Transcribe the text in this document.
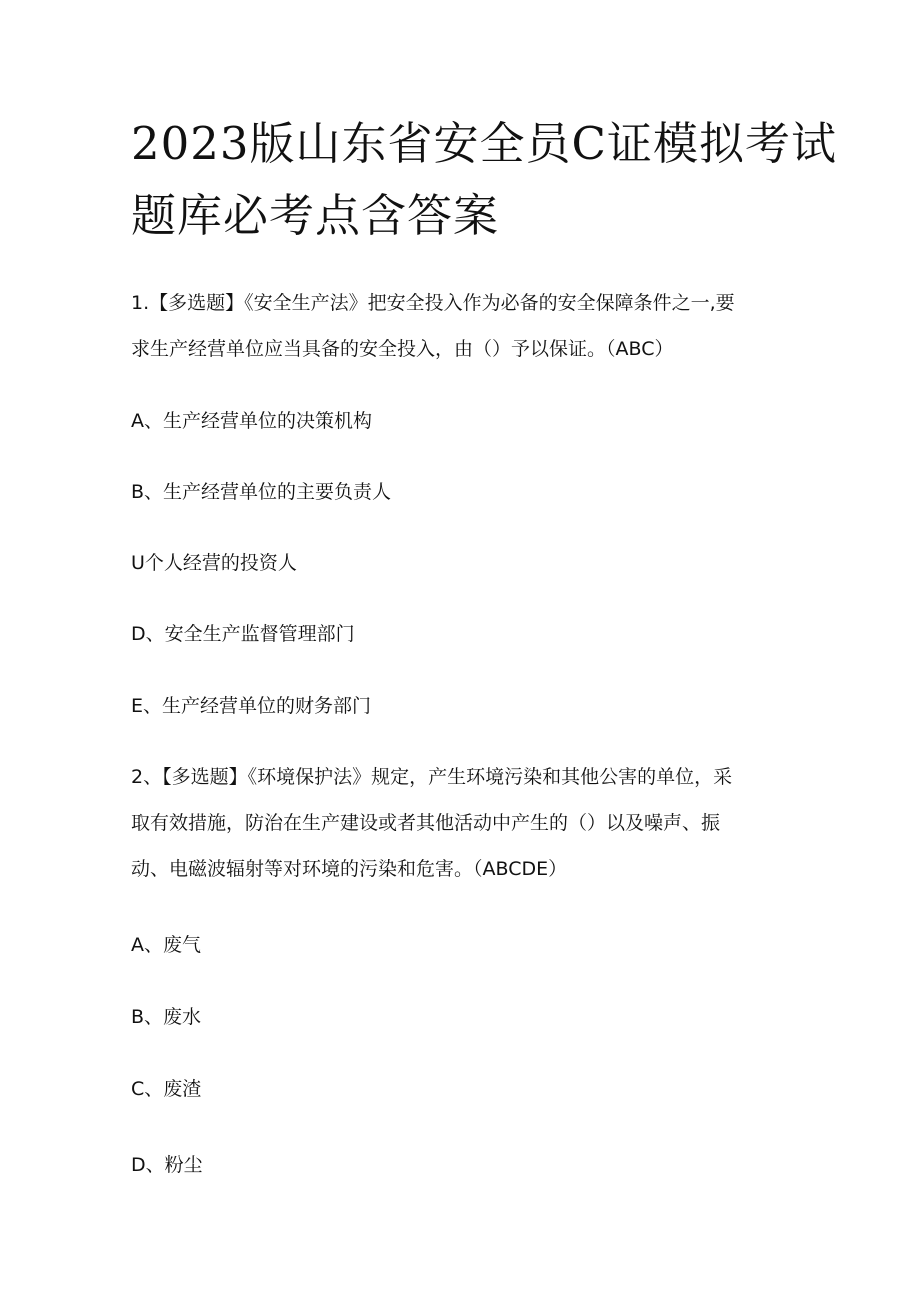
2023版山东省安全员C证模拟考试
题库必考点含答案
1.【多选题】《安全生产法》把安全投入作为必备的安全保障条件之一,要
求生产经营单位应当具备的安全投入，由（）予以保证。（ABC）
A、生产经营单位的决策机构
B、生产经营单位的主要负责人
U个人经营的投资人
D、安全生产监督管理部门
E、生产经营单位的财务部门
2、【多选题】《环境保护法》规定，产生环境污染和其他公害的单位，采
取有效措施，防治在生产建设或者其他活动中产生的（）以及噪声、振
动、电磁波辐射等对环境的污染和危害。（ABCDE）
A、废气
B、废水
C、废渣
D、粉尘
